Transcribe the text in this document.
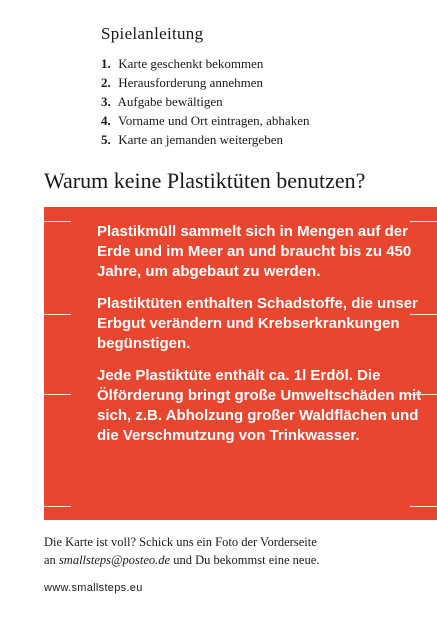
Spielanleitung
1. Karte geschenkt bekommen
2. Herausforderung annehmen
3. Aufgabe bewältigen
4. Vorname und Ort eintragen, abhaken
5. Karte an jemanden weitergeben
Warum keine Plastiktüten benutzen?

Plastikmüll sammelt sich in Mengen auf der Erde und im Meer an und braucht bis zu 450 Jahre, um abgebaut zu werden.

Plastiktüten enthalten Schadstoffe, die unser Erbgut verändern und Krebserkrankungen begünstigen.

Jede Plastiktüte enthält ca. 1l Erdöl. Die Ölförderung bringt große Umweltschäden mit sich, z.B. Abholzung großer Waldflächen und die Verschmutzung von Trinkwasser.

Die Karte ist voll? Schick uns ein Foto der Vorderseite
an smallsteps@posteo.de und Du bekommst eine neue.
www.smallsteps.eu
